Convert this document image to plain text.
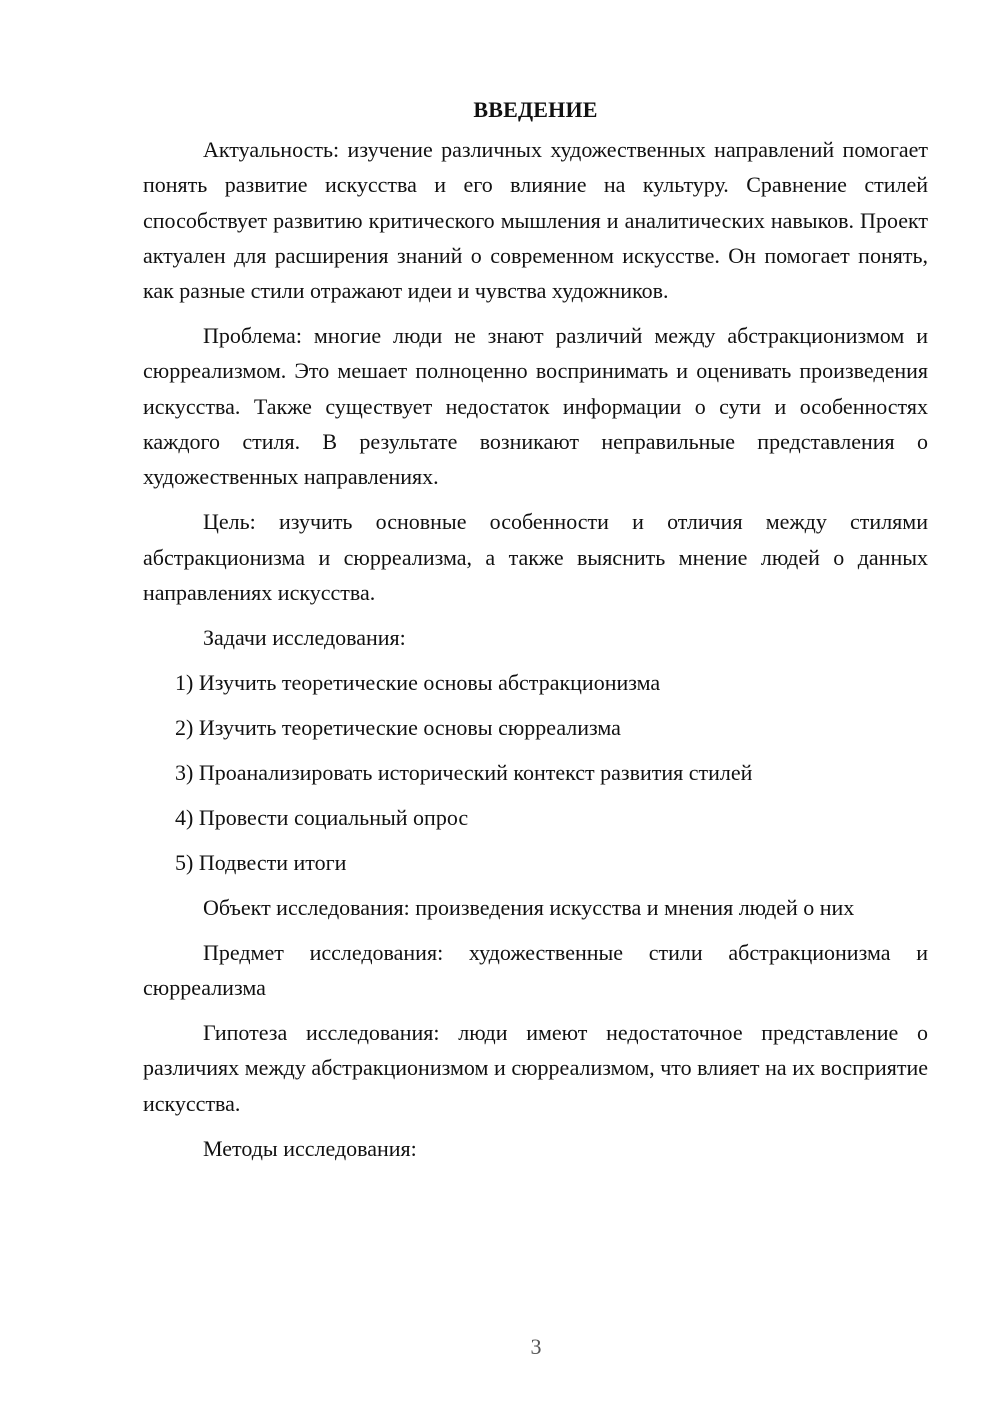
ВВЕДЕНИЕ

Актуальность: изучение различных художественных направлений помогает понять развитие искусства и его влияние на культуру. Сравнение стилей способствует развитию критического мышления и аналитических навыков. Проект актуален для расширения знаний о современном искусстве. Он помогает понять, как разные стили отражают идеи и чувства художников.

Проблема: многие люди не знают различий между абстракционизмом и сюрреализмом. Это мешает полноценно воспринимать и оценивать произведения искусства. Также существует недостаток информации о сути и особенностях каждого стиля. В результате возникают неправильные представления о художественных направлениях.

Цель: изучить основные особенности и отличия между стилями абстракционизма и сюрреализма, а также выяснить мнение людей о данных направлениях искусства.

Задачи исследования:
1) Изучить теоретические основы абстракционизма
2) Изучить теоретические основы сюрреализма
3) Проанализировать исторический контекст развития стилей
4) Провести социальный опрос
5) Подвести итоги

Объект исследования: произведения искусства и мнения людей о них

Предмет исследования: художественные стили абстракционизма и сюрреализма

Гипотеза исследования: люди имеют недостаточное представление о различиях между абстракционизмом и сюрреализмом, что влияет на их восприятие искусства.

Методы исследования:
3
